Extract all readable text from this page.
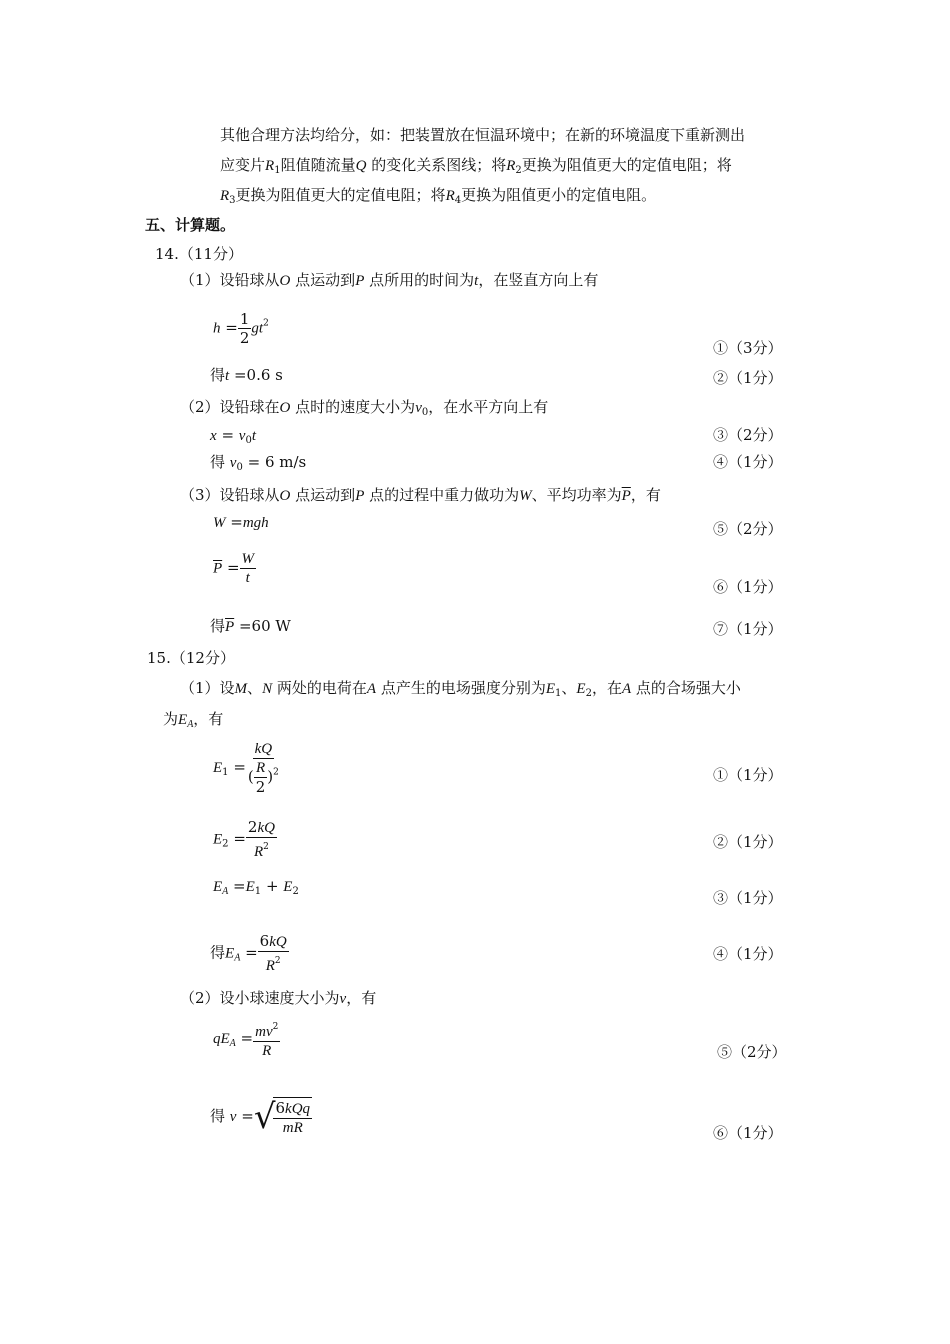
其他合理方法均给分，如：把装置放在恒温环境中；在新的环境温度下重新测出
应变片$R_1$阻值随流量Q 的变化关系图线；将$R_2$更换为阻值更大的定值电阻；将
$R_3$更换为阻值更大的定值电阻；将$R_4$更换为阻值更小的定值电阻。
五、计算题。
14.（11分）
（1）设铅球从O 点运动到P 点所用的时间为t，在竖直方向上有
$h = \frac{1}{2} gt^2$
①（3分）
得t =0.6 s	②（1分）
（2）设铅球在O 点时的速度大小为$v_0$，在水平方向上有
$x = v_0t$	③（2分）
得 $v_0 = 6$ m/s	④（1分）
（3）设铅球从O 点运动到P 点的过程中重力做功为W、平均功率为$\overline{P}$，有
W =mgh	⑤（2分）
$\overline{P} = \frac{W}{t}$	⑥（1分）
得$\overline{P} =60$ W	⑦（1分）
15.（12分）
（1）设M、N 两处的电荷在A 点产生的电场强度分别为$E_1$、$E_2$，在A 点的合场强大小
为$E_A$，有
$E_1 = \frac{kQ}{( \frac{R}{2} )^2}$	①（1分）
$E_2 = \frac{2kQ}{R^2}$	②（1分）
$E_A =E_1 + E_2$	③（1分）
得$E_A = \frac{6kQ}{R^2}$	④（1分）
（2）设小球速度大小为v，有
$qE_A = \frac{mv^2}{R}$	⑤（2分）
得 v = √
$\frac{\text{6kQq}}{mR}$	⑥（1分）
